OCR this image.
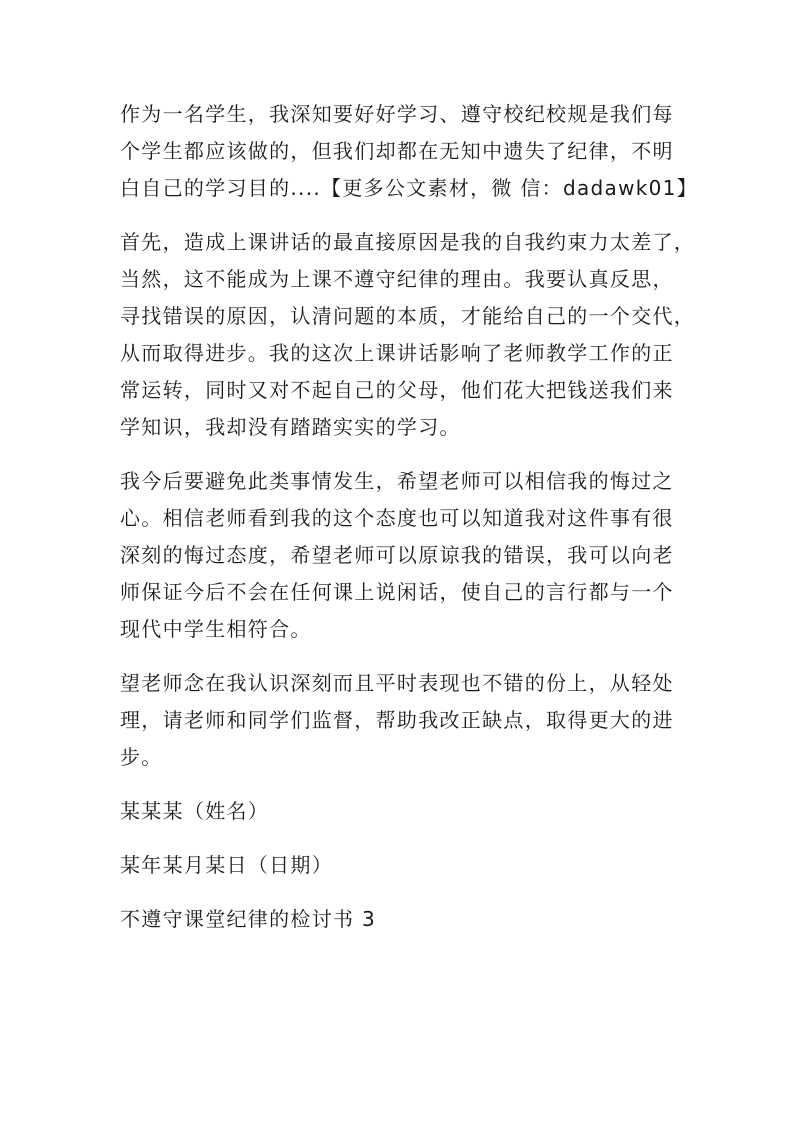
作为一名学生，我深知要好好学习、遵守校纪校规是我们每
个学生都应该做的，但我们却都在无知中遗失了纪律，不明
白自己的学习目的....【更多公文素材，微 信：dadawk01】

首先，造成上课讲话的最直接原因是我的自我约束力太差了，
当然，这不能成为上课不遵守纪律的理由。我要认真反思，
寻找错误的原因，认清问题的本质，才能给自己的一个交代，
从而取得进步。我的这次上课讲话影响了老师教学工作的正
常运转，同时又对不起自己的父母，他们花大把钱送我们来
学知识，我却没有踏踏实实的学习。

我今后要避免此类事情发生，希望老师可以相信我的悔过之
心。相信老师看到我的这个态度也可以知道我对这件事有很
深刻的悔过态度，希望老师可以原谅我的错误，我可以向老
师保证今后不会在任何课上说闲话，使自己的言行都与一个
现代中学生相符合。

望老师念在我认识深刻而且平时表现也不错的份上，从轻处
理，请老师和同学们监督，帮助我改正缺点，取得更大的进
步。

某某某（姓名）

某年某月某日（日期）

不遵守课堂纪律的检讨书 3
